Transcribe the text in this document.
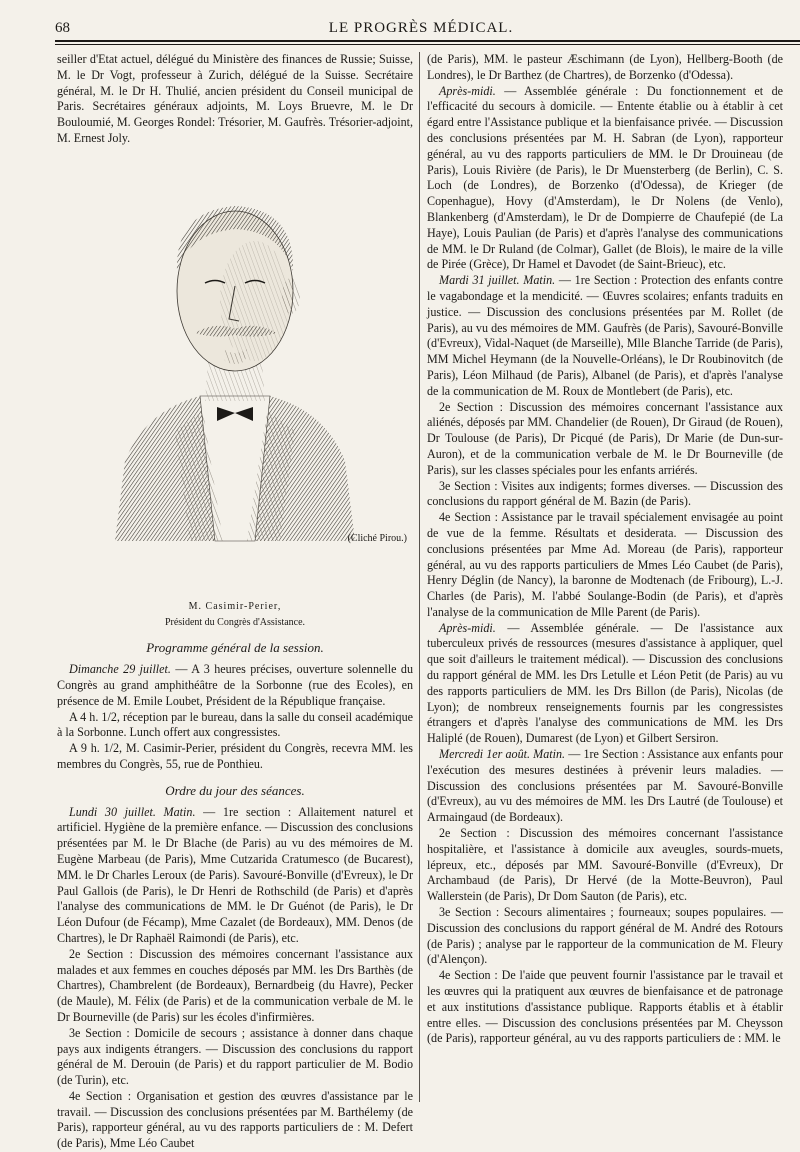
68	LE PROGRÈS MÉDICAL.

seiller d'Etat actuel, délégué du Ministère des finances de Russie; Suisse, M. le Dr Vogt, professeur à Zurich, délégué de la Suisse. Secrétaire général, M. le Dr H. Thulié, ancien président du Conseil municipal de Paris. Secrétaires généraux adjoints, M. Loys Bruevre, M. le Dr Bouloumié, M. Georges Rondel: Trésorier, M. Gaufrès. Trésorier-adjoint, M. Ernest Joly.

(Cliché Pirou.)
M. Casimir-Perier,
Président du Congrès d'Assistance.
Programme général de la session.

Dimanche 29 juillet. — A 3 heures précises, ouverture solennelle du Congrès au grand amphithéâtre de la Sorbonne (rue des Ecoles), en présence de M. Emile Loubet, Président de la République française.

A 4 h. 1/2, réception par le bureau, dans la salle du conseil académique à la Sorbonne. Lunch offert aux congressistes.

A 9 h. 1/2, M. Casimir-Perier, président du Congrès, recevra MM. les membres du Congrès, 55, rue de Ponthieu.

Ordre du jour des séances.

Lundi 30 juillet. Matin. — 1re section : Allaitement naturel et artificiel. Hygiène de la première enfance. — Discussion des conclusions présentées par M. le Dr Blache (de Paris) au vu des mémoires de M. Eugène Marbeau (de Paris), Mme Cutzarida Cratumesco (de Bucarest), MM. le Dr Charles Leroux (de Paris). Savouré-Bonville (d'Evreux), le Dr Paul Gallois (de Paris), le Dr Henri de Rothschild (de Paris) et d'après l'analyse des communications de MM. le Dr Guénot (de Paris), le Dr Léon Dufour (de Fécamp), Mme Cazalet (de Bordeaux), MM. Denos (de Chartres), le Dr Raphaël Raimondi (de Paris), etc.

2e Section : Discussion des mémoires concernant l'assistance aux malades et aux femmes en couches déposés par MM. les Drs Barthès (de Chartres), Chambrelent (de Bordeaux), Bernardbeig (du Havre), Pecker (de Maule), M. Félix (de Paris) et de la communication verbale de M. le Dr Bourneville (de Paris) sur les écoles d'infirmières.

3e Section : Domicile de secours ; assistance à donner dans chaque pays aux indigents étrangers. — Discussion des conclusions du rapport général de M. Derouin (de Paris) et du rapport particulier de M. Bodio (de Turin), etc.

4e Section : Organisation et gestion des œuvres d'assistance par le travail. — Discussion des conclusions présentées par M. Barthélemy (de Paris), rapporteur général, au vu des rapports particuliers de : M. Defert (de Paris), Mme Léo Caubet

(de Paris), MM. le pasteur Æschimann (de Lyon), Hellberg-Booth (de Londres), le Dr Barthez (de Chartres), de Borzenko (d'Odessa).

Après-midi. — Assemblée générale : Du fonctionnement et de l'efficacité du secours à domicile. — Entente établie ou à établir à cet égard entre l'Assistance publique et la bienfaisance privée. — Discussion des conclusions présentées par M. H. Sabran (de Lyon), rapporteur général, au vu des rapports particuliers de MM. le Dr Drouineau (de Paris), Louis Rivière (de Paris), le Dr Muensterberg (de Berlin), C. S. Loch (de Londres), de Borzenko (d'Odessa), de Krieger (de Copenhague), Hovy (d'Amsterdam), le Dr Nolens (de Venlo), Blankenberg (d'Amsterdam), le Dr de Dompierre de Chaufepié (de La Haye), Louis Paulian (de Paris) et d'après l'analyse des communications de MM. le Dr Ruland (de Colmar), Gallet (de Blois), le maire de la ville de Pirée (Grèce), Dr Hamel et Davodet (de Saint-Brieuc), etc.

Mardi 31 juillet. Matin. — 1re Section : Protection des enfants contre le vagabondage et la mendicité. — Œuvres scolaires; enfants traduits en justice. — Discussion des conclusions présentées par M. Rollet (de Paris), au vu des mémoires de MM. Gaufrès (de Paris), Savouré-Bonville (d'Evreux), Vidal-Naquet (de Marseille), Mlle Blanche Tarride (de Paris), MM Michel Heymann (de la Nouvelle-Orléans), le Dr Roubinovitch (de Paris), Léon Milhaud (de Paris), Albanel (de Paris), et d'après l'analyse de la communication de M. Roux de Montlebert (de Paris), etc.

2e Section : Discussion des mémoires concernant l'assistance aux aliénés, déposés par MM. Chandelier (de Rouen), Dr Giraud (de Rouen), Dr Toulouse (de Paris), Dr Picqué (de Paris), Dr Marie (de Dun-sur-Auron), et de la communication verbale de M. le Dr Bourneville (de Paris), sur les classes spéciales pour les enfants arriérés.

3e Section : Visites aux indigents; formes diverses. — Discussion des conclusions du rapport général de M. Bazin (de Paris).

4e Section : Assistance par le travail spécialement envisagée au point de vue de la femme. Résultats et desiderata. — Discussion des conclusions présentées par Mme Ad. Moreau (de Paris), rapporteur général, au vu des rapports particuliers de Mmes Léo Caubet (de Paris), Henry Déglin (de Nancy), la baronne de Modtenach (de Fribourg), L.-J. Charles (de Paris), M. l'abbé Soulange-Bodin (de Paris), et d'après l'analyse de la communication de Mlle Parent (de Paris).

Après-midi. — Assemblée générale. — De l'assistance aux tuberculeux privés de ressources (mesures d'assistance à appliquer, quel que soit d'ailleurs le traitement médical). — Discussion des conclusions du rapport général de MM. les Drs Letulle et Léon Petit (de Paris) au vu des rapports particuliers de MM. les Drs Billon (de Paris), Nicolas (de Lyon); de nombreux renseignements fournis par les congressistes étrangers et d'après l'analyse des communications de MM. les Drs Haliplé (de Rouen), Dumarest (de Lyon) et Gilbert Sersiron.

Mercredi 1er août. Matin. — 1re Section : Assistance aux enfants pour l'exécution des mesures destinées à prévenir leurs maladies. — Discussion des conclusions présentées par M. Savouré-Bonville (d'Evreux), au vu des mémoires de MM. les Drs Lautré (de Toulouse) et Armaingaud (de Bordeaux).

2e Section : Discussion des mémoires concernant l'assistance hospitalière, et l'assistance à domicile aux aveugles, sourds-muets, lépreux, etc., déposés par MM. Savouré-Bonville (d'Evreux), Dr Archambaud (de Paris), Dr Hervé (de la Motte-Beuvron), Paul Wallerstein (de Paris), Dr Dom Sauton (de Paris), etc.

3e Section : Secours alimentaires ; fourneaux; soupes populaires. — Discussion des conclusions du rapport général de M. André des Rotours (de Paris) ; analyse par le rapporteur de la communication de M. Fleury (d'Alençon).

4e Section : De l'aide que peuvent fournir l'assistance par le travail et les œuvres qui la pratiquent aux œuvres de bienfaisance et de patronage et aux institutions d'assistance publique. Rapports établis et à établir entre elles. — Discussion des conclusions présentées par M. Cheysson (de Paris), rapporteur général, au vu des rapports particuliers de : MM. le
